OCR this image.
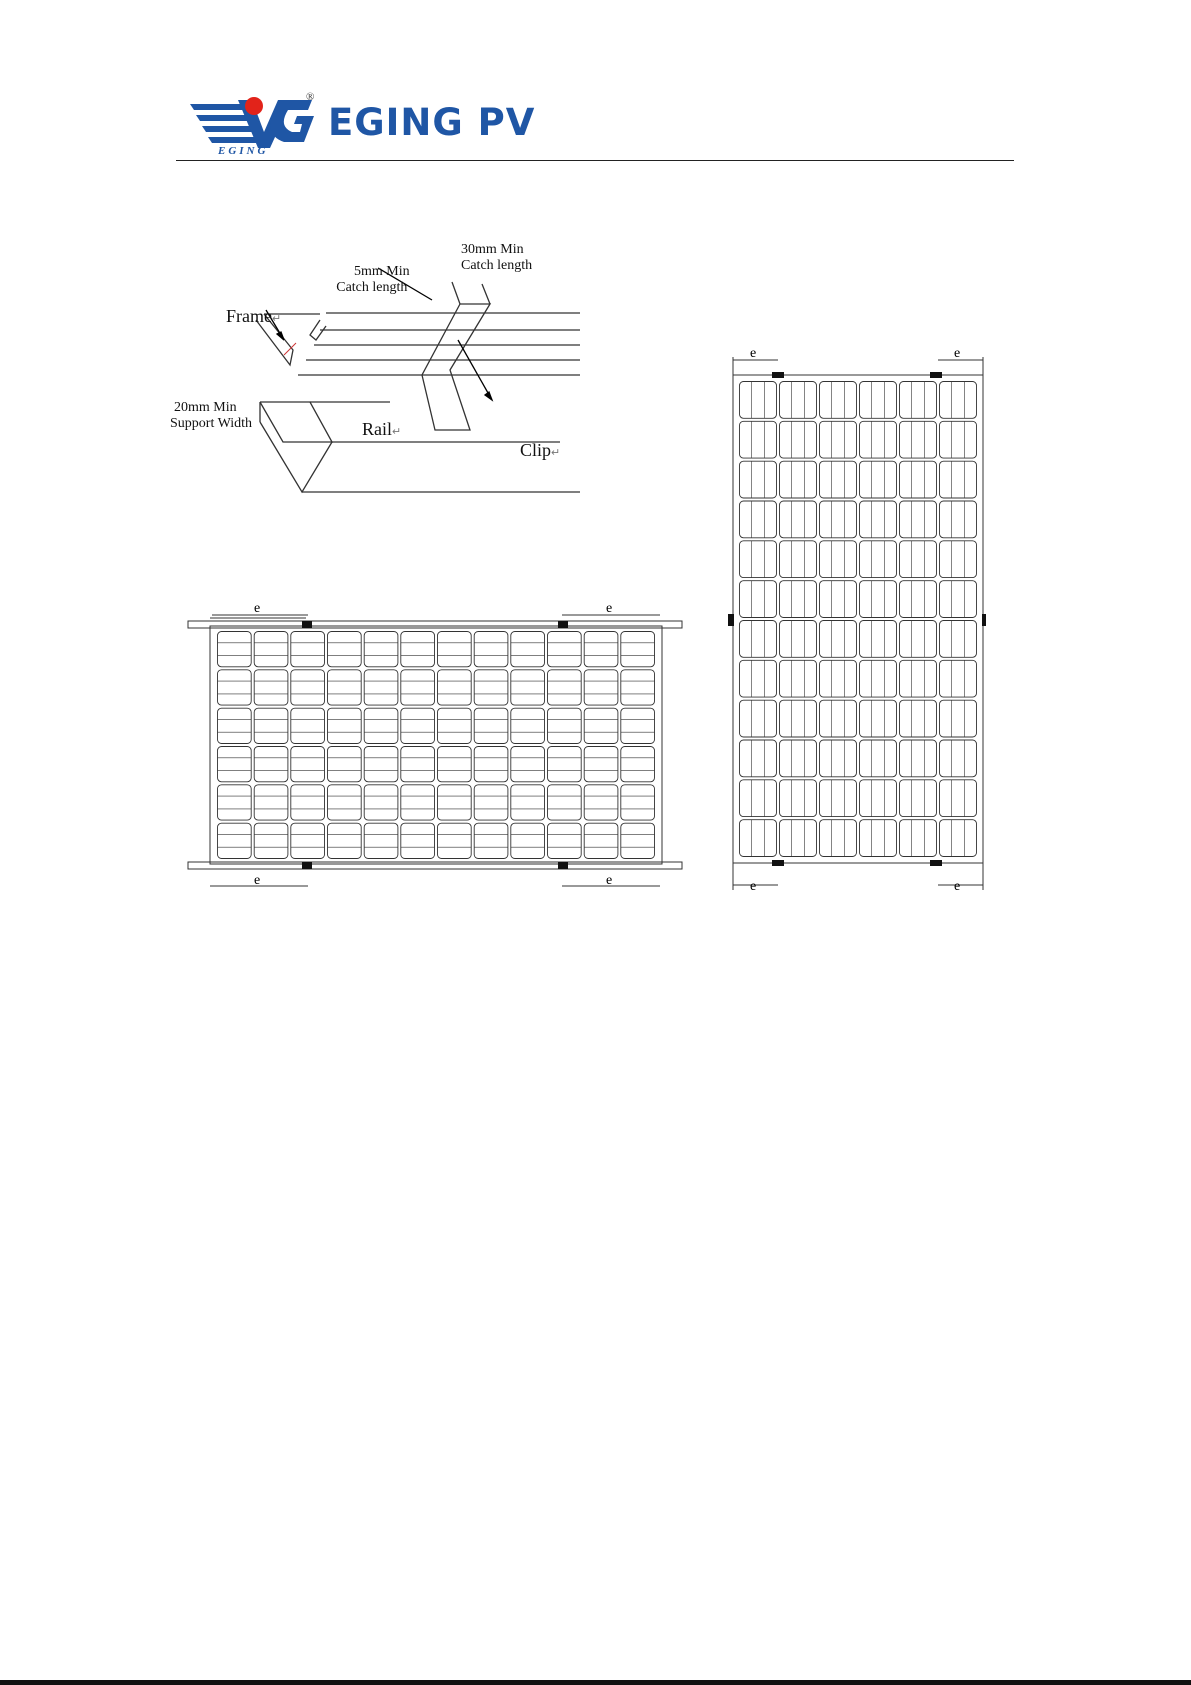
EGING
®
EGING PV
Frame↵
Rail↵
Clip↵
5mm Min
Catch length
30mm Min
Catch length
20mm Min
Support Width
e	e
e	e
e	e
e	e
